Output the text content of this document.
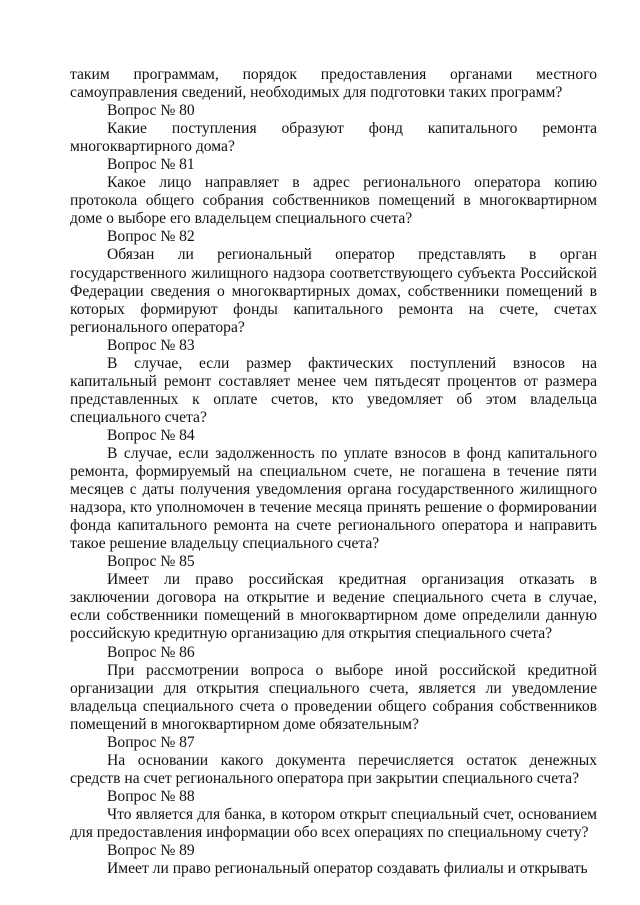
таким программам, порядок предоставления органами местного самоуправления сведений, необходимых для подготовки таких программ?

Вопрос № 80

Какие поступления образуют фонд капитального ремонта многоквартирного дома?

Вопрос № 81

Какое лицо направляет в адрес регионального оператора копию протокола общего собрания собственников помещений в многоквартирном доме о выборе его владельцем специального счета?

Вопрос № 82

Обязан ли региональный оператор представлять в орган государственного жилищного надзора соответствующего субъекта Российской Федерации сведения о многоквартирных домах, собственники помещений в которых формируют фонды капитального ремонта на счете, счетах регионального оператора?

Вопрос № 83

В случае, если размер фактических поступлений взносов на капитальный ремонт составляет менее чем пятьдесят процентов от размера представленных к оплате счетов, кто уведомляет об этом владельца специального счета?

Вопрос № 84

В случае, если задолженность по уплате взносов в фонд капитального ремонта, формируемый на специальном счете, не погашена в течение пяти месяцев с даты получения уведомления органа государственного жилищного надзора, кто уполномочен в течение месяца принять решение о формировании фонда капитального ремонта на счете регионального оператора и направить такое решение владельцу специального счета?

Вопрос № 85

Имеет ли право российская кредитная организация отказать в заключении договора на открытие и ведение специального счета в случае, если собственники помещений в многоквартирном доме определили данную российскую кредитную организацию для открытия специального счета?

Вопрос № 86

При рассмотрении вопроса о выборе иной российской кредитной организации для открытия специального счета, является ли уведомление владельца специального счета о проведении общего собрания собственников помещений в многоквартирном доме обязательным?

Вопрос № 87

На основании какого документа перечисляется остаток денежных средств на счет регионального оператора при закрытии специального счета?

Вопрос № 88

Что является для банка, в котором открыт специальный счет, основанием для предоставления информации обо всех операциях по специальному счету?

Вопрос № 89

Имеет ли право региональный оператор создавать филиалы и открывать
